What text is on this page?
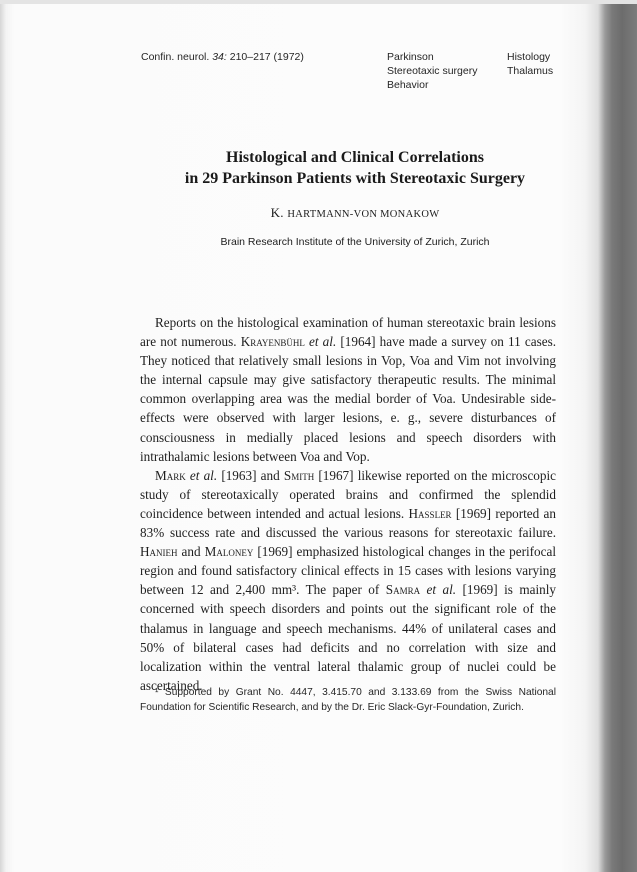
Confin. neurol. 34: 210–217 (1972)	Parkinson
Stereotaxic surgery
Behavior
Histology
Thalamus
Histological and Clinical Correlations
in 29 Parkinson Patients with Stereotaxic Surgery
K. HARTMANN-VON MONAKOW
Brain Research Institute of the University of Zurich, Zurich

Reports on the histological examination of human stereotaxic brain lesions are not numerous. Krayenbühl et al. [1964] have made a survey on 11 cases. They noticed that relatively small lesions in Vop, Voa and Vim not involving the internal capsule may give satisfactory therapeutic results. The minimal common overlapping area was the medial border of Voa. Undesirable side-effects were observed with larger lesions, e. g., severe disturbances of consciousness in medially placed lesions and speech disorders with intrathalamic lesions between Voa and Vop.

Mark et al. [1963] and Smith [1967] likewise reported on the microscopic study of stereotaxically operated brains and confirmed the splendid coincidence between intended and actual lesions. Hassler [1969] reported an 83% success rate and discussed the various reasons for stereotaxic failure. Hanieh and Maloney [1969] emphasized histological changes in the perifocal region and found satisfactory clinical effects in 15 cases with lesions varying between 12 and 2,400 mm³. The paper of Samra et al. [1969] is mainly concerned with speech disorders and points out the significant role of the thalamus in language and speech mechanisms. 44% of unilateral cases and 50% of bilateral cases had deficits and no correlation with size and localization within the ventral lateral thalamic group of nuclei could be ascertained.

¹ Supported by Grant No. 4447, 3.415.70 and 3.133.69 from the Swiss National Foundation for Scientific Research, and by the Dr. Eric Slack-Gyr-Foundation, Zurich.
